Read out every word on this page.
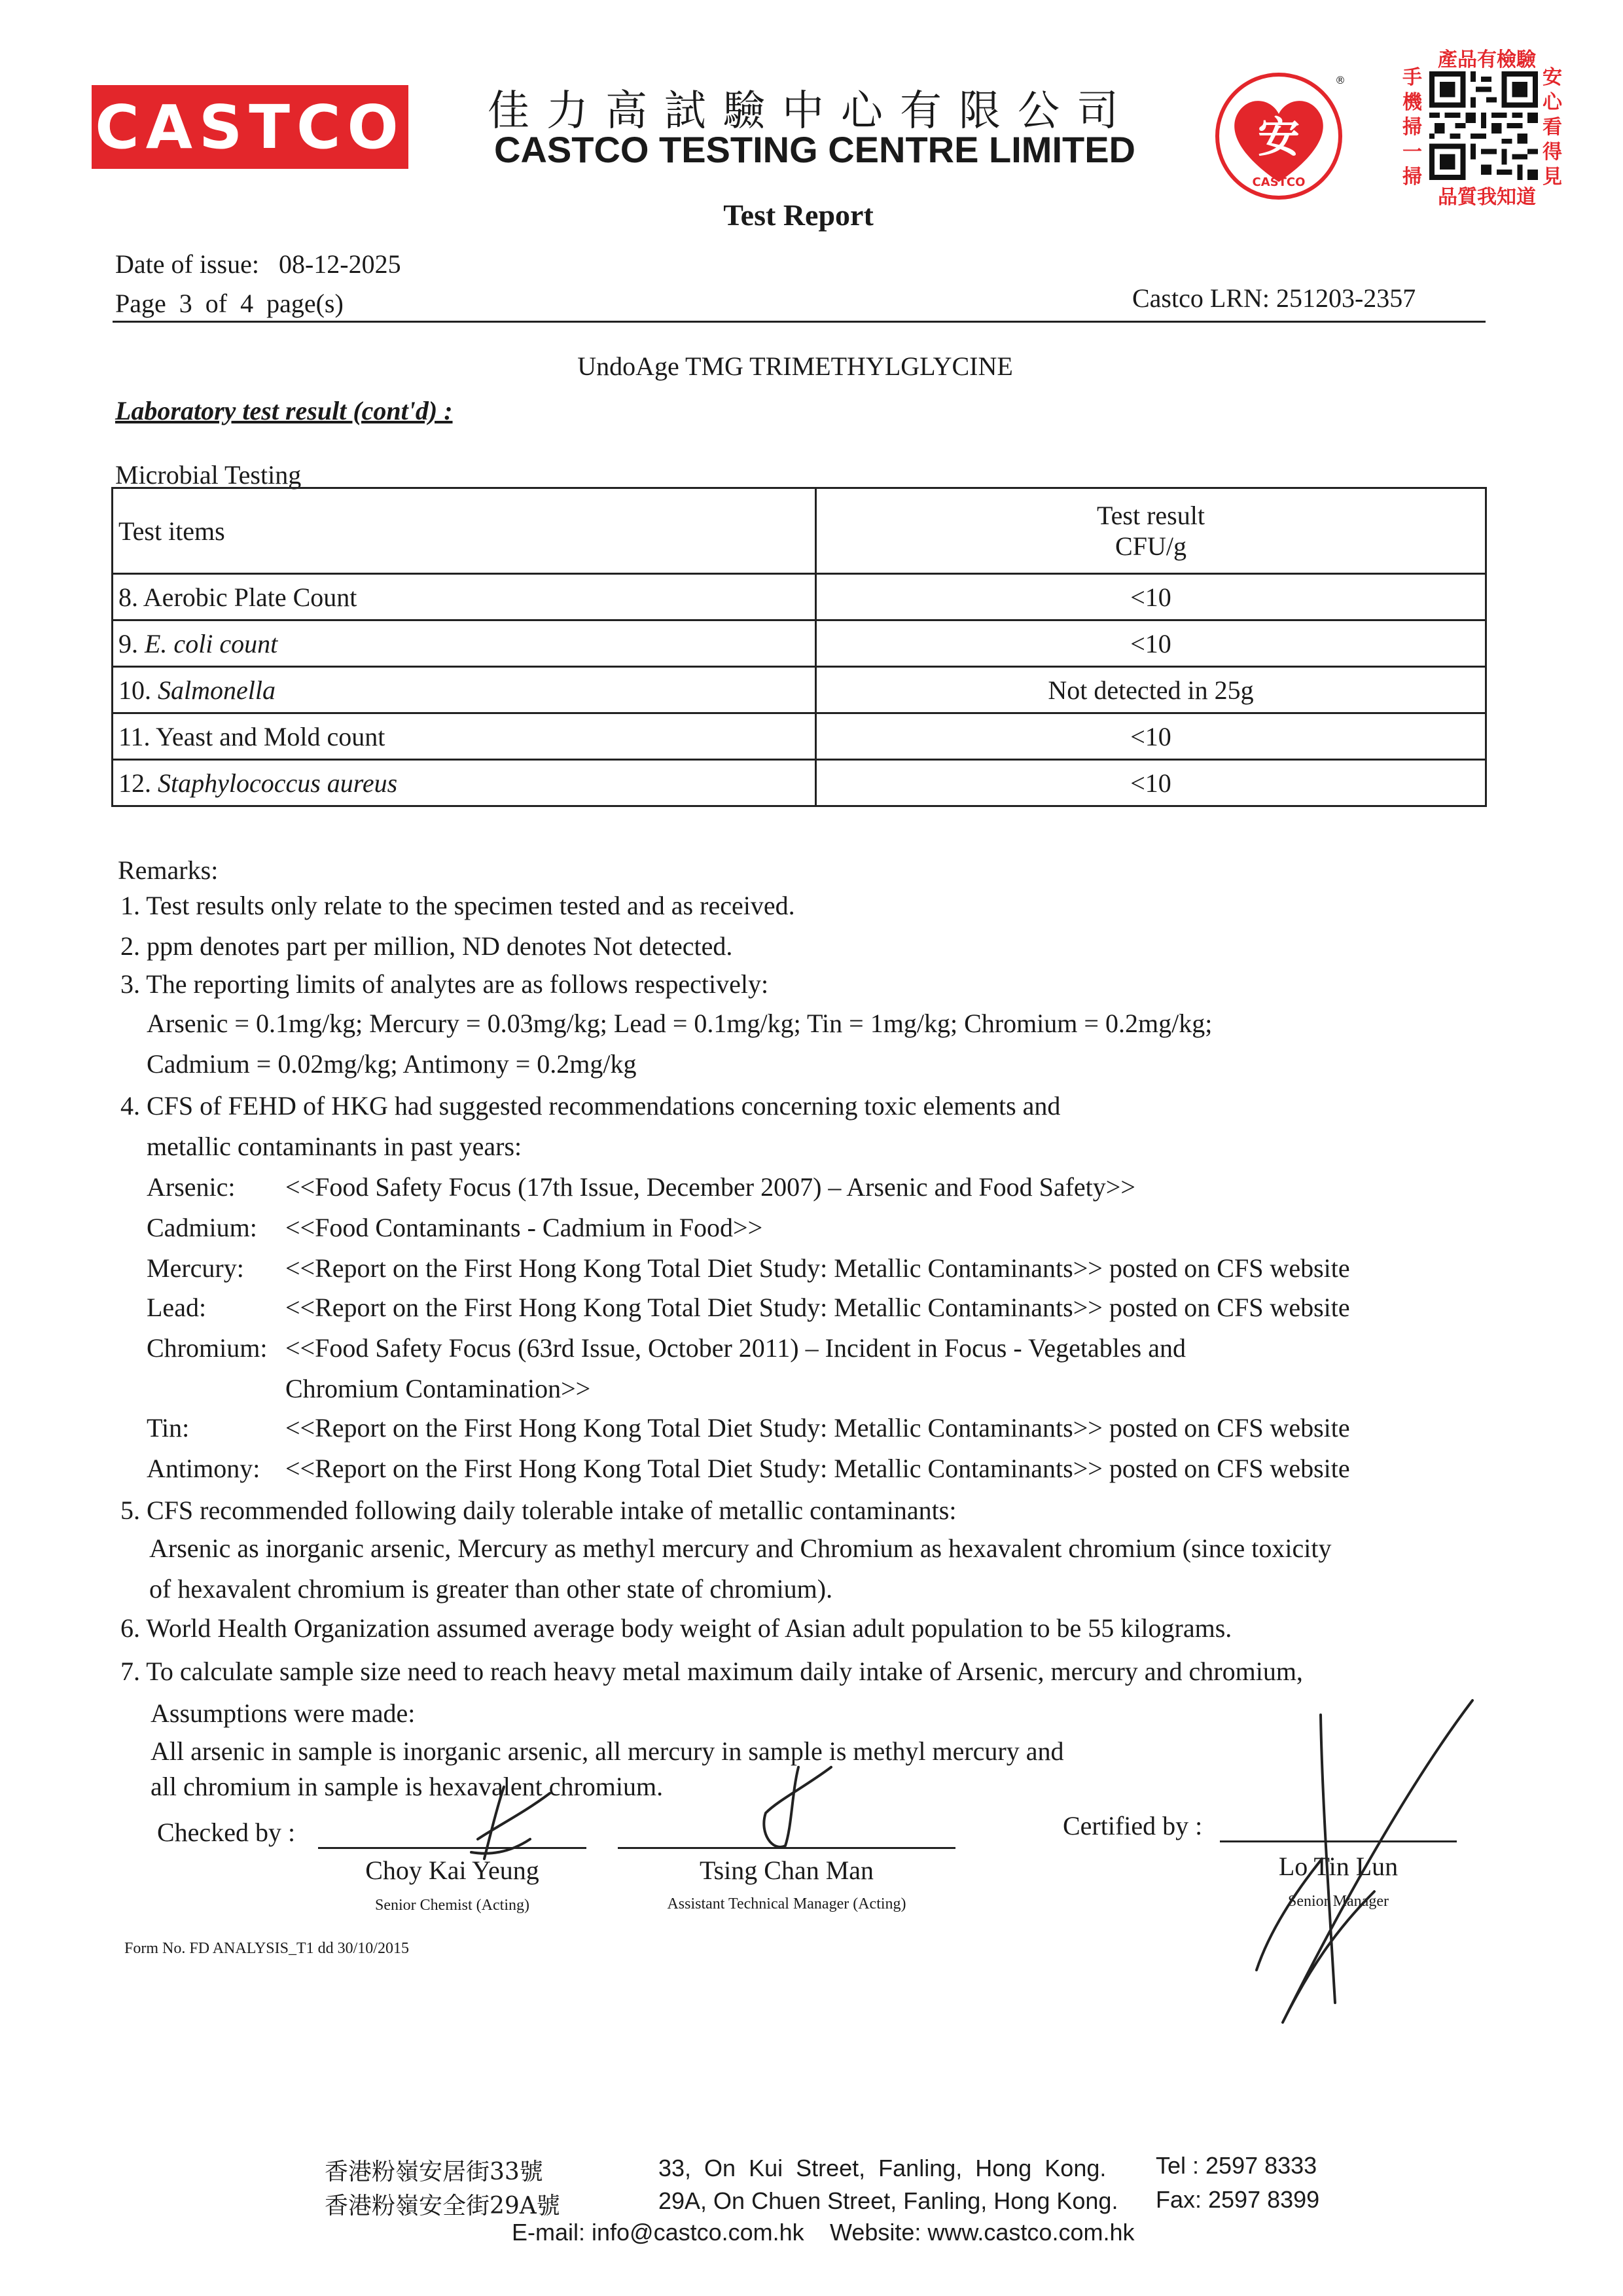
CASTCO 佳力高試驗中心有限公司
CASTCO TESTING CENTRE LIMITED	安
CASTCO
®
產品有檢驗
手
機
掃
一
掃
安
心
看
得
見
品質我知道
Test Report
Date of issue: 08-12-2025
Page 3 of 4 page(s)	Castco LRN: 251203-2357
UndoAge TMG TRIMETHYLGLYCINE
Laboratory test result (cont'd) :
Microbial Testing
Test items	Test result
CFU/g

8. Aerobic Plate Count	<10
9. E. coli count	<10
10. Salmonella	Not detected in 25g
11. Yeast and Mold count	<10
12. Staphylococcus aureus	<10
Remarks:
1. Test results only relate to the specimen tested and as received.
2. ppm denotes part per million, ND denotes Not detected.
3. The reporting limits of analytes are as follows respectively:
Arsenic = 0.1mg/kg; Mercury = 0.03mg/kg; Lead = 0.1mg/kg; Tin = 1mg/kg; Chromium = 0.2mg/kg;
Cadmium = 0.02mg/kg; Antimony = 0.2mg/kg
4. CFS of FEHD of HKG had suggested recommendations concerning toxic elements and
metallic contaminants in past years:
Arsenic: <<Food Safety Focus (17th Issue, December 2007) – Arsenic and Food Safety>>
Cadmium: <<Food Contaminants - Cadmium in Food>>
Mercury: <<Report on the First Hong Kong Total Diet Study: Metallic Contaminants>> posted on CFS website
Lead:	<<Report on the First Hong Kong Total Diet Study: Metallic Contaminants>> posted on CFS website
Chromium: <<Food Safety Focus (63rd Issue, October 2011) – Incident in Focus - Vegetables and
Chromium Contamination>>
Tin:	<<Report on the First Hong Kong Total Diet Study: Metallic Contaminants>> posted on CFS website
Antimony: <<Report on the First Hong Kong Total Diet Study: Metallic Contaminants>> posted on CFS website
5. CFS recommended following daily tolerable intake of metallic contaminants:
Arsenic as inorganic arsenic, Mercury as methyl mercury and Chromium as hexavalent chromium (since toxicity
of hexavalent chromium is greater than other state of chromium).
6. World Health Organization assumed average body weight of Asian adult population to be 55 kilograms.
7. To calculate sample size need to reach heavy metal maximum daily intake of Arsenic, mercury and chromium,
Assumptions were made:
All arsenic in sample is inorganic arsenic, all mercury in sample is methyl mercury and
all chromium in sample is hexavalent chromium.
Checked by :	Certified by :
Choy Kai Yeung
Senior Chemist (Acting)
Tsing Chan Man
Assistant Technical Manager (Acting)
Lo Tin Lun
Senior Manager
Form No. FD ANALYSIS_T1 dd 30/10/2015
香港粉嶺安居街33號	33, On Kui Street, Fanling, Hong Kong. Tel : 2597 8333
香港粉嶺安全街29A號	29A, On Chuen Street, Fanling, Hong Kong. Fax: 2597 8399
E-mail: info@castco.com.hk Website: www.castco.com.hk
